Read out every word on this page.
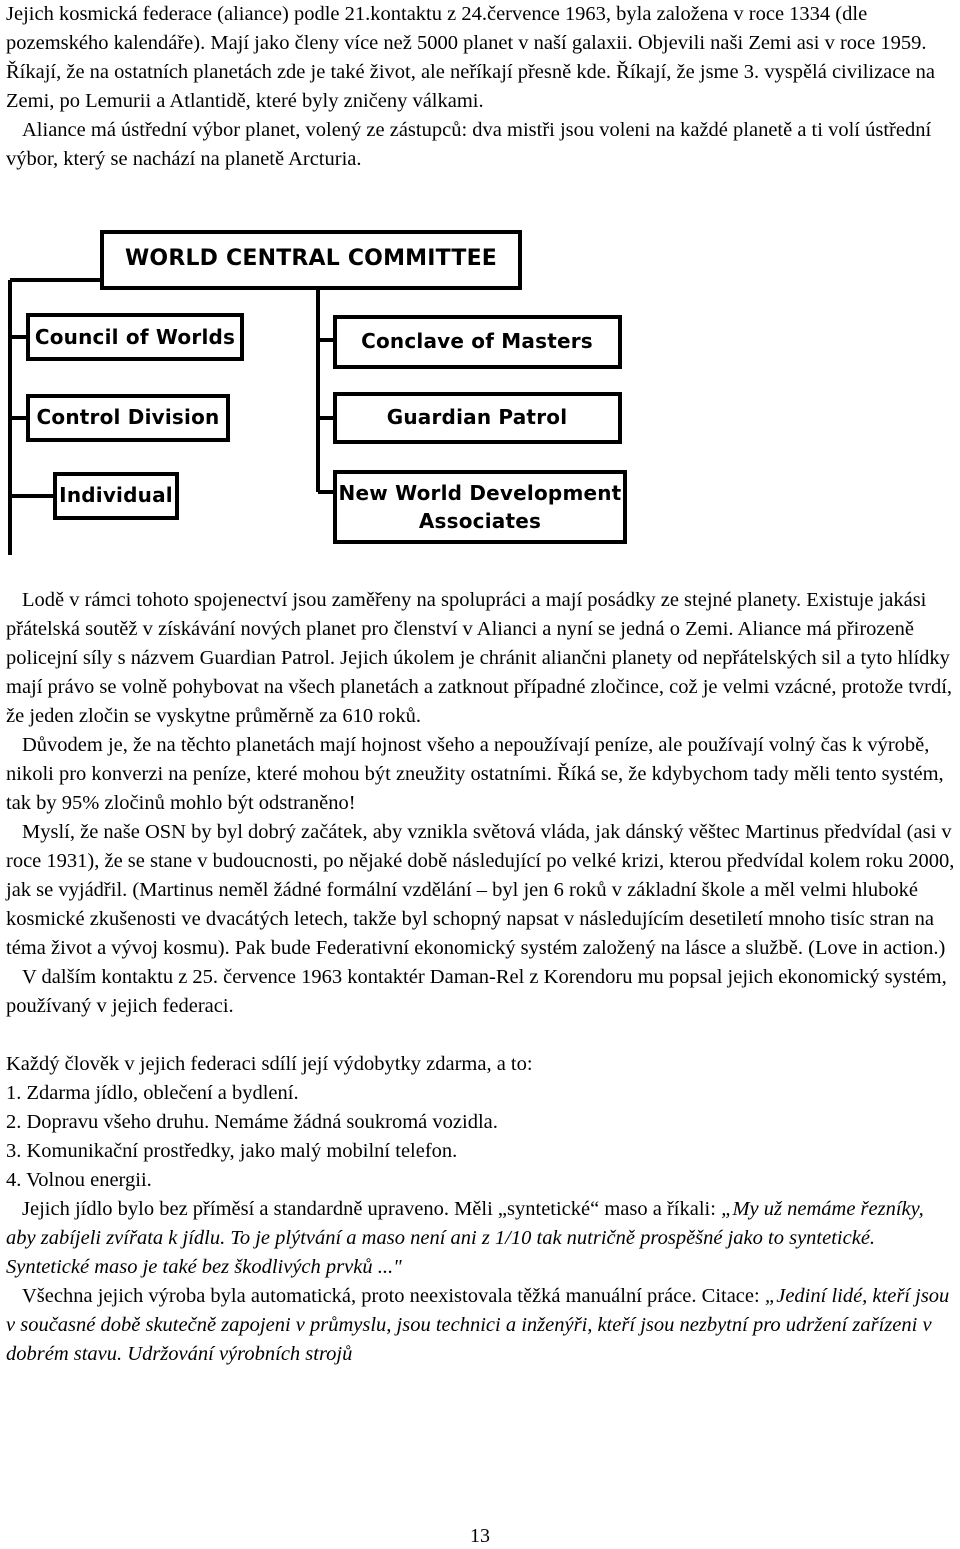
Jejich kosmická federace (aliance) podle 21.kontaktu z 24.července 1963, byla založena v roce 1334 (dle pozemského kalendáře). Mají jako členy více než 5000 planet v naší galaxii. Objevili naši Zemi asi v roce 1959. Říkají, že na ostatních planetách zde je také život, ale neříkají přesně kde. Říkají, že jsme 3. vyspělá civilizace na Zemi, po Lemurii a Atlantidě, které byly zničeny válkami.

Aliance má ústřední výbor planet, volený ze zástupců: dva mistři jsou voleni na každé planetě a ti volí ústřední výbor, který se nachází na planetě Arcturia.

WORLD CENTRAL COMMITTEE
Council of Worlds
Control Division
Individual
Conclave of Masters
Guardian Patrol
New World Development
Associates

Lodě v rámci tohoto spojenectví jsou zaměřeny na spolupráci a mají posádky ze stejné planety. Existuje jakási přátelská soutěž v získávání nových planet pro členství v Alianci a nyní se jedná o Zemi. Aliance má přirozeně policejní síly s názvem Guardian Patrol. Jejich úkolem je chránit aliančni planety od nepřátelských sil a tyto hlídky mají právo se volně pohybovat na všech planetách a zatknout případné zločince, což je velmi vzácné, protože tvrdí, že jeden zločin se vyskytne průměrně za 610 roků.

Důvodem je, že na těchto planetách mají hojnost všeho a nepoužívají peníze, ale používají volný čas k výrobě, nikoli pro konverzi na peníze, které mohou být zneužity ostatními. Říká se, že kdybychom tady měli tento systém, tak by 95% zločinů mohlo být odstraněno!

Myslí, že naše OSN by byl dobrý začátek, aby vznikla světová vláda, jak dánský věštec Martinus předvídal (asi v roce 1931), že se stane v budoucnosti, po nějaké době následující po velké krizi, kterou předvídal kolem roku 2000, jak se vyjádřil. (Martinus neměl žádné formální vzdělání – byl jen 6 roků v základní škole a měl velmi hluboké kosmické zkušenosti ve dvacátých letech, takže byl schopný napsat v následujícím desetiletí mnoho tisíc stran na téma život a vývoj kosmu). Pak bude Federativní ekonomický systém založený na lásce a službě. (Love in action.)

V dalším kontaktu z 25. července 1963 kontaktér Daman-Rel z Korendoru mu popsal jejich ekonomický systém, používaný v jejich federaci.

Každý člověk v jejich federaci sdílí její výdobytky zdarma, a to:

1. Zdarma jídlo, oblečení a bydlení.

2. Dopravu všeho druhu. Nemáme žádná soukromá vozidla.

3. Komunikační prostředky, jako malý mobilní telefon.

4. Volnou energii.

Jejich jídlo bylo bez příměsí a standardně upraveno. Měli „syntetické“ maso a říkali: „My už nemáme řezníky, aby zabíjeli zvířata k jídlu. To je plýtvání a maso není ani z 1/10 tak nutričně prospěšné jako to syntetické. Syntetické maso je také bez škodlivých prvků ..."

Všechna jejich výroba byla automatická, proto neexistovala těžká manuální práce. Citace: „Jediní lidé, kteří jsou v současné době skutečně zapojeni v průmyslu, jsou technici a inženýři, kteří jsou nezbytní pro udržení zařízeni v dobrém stavu. Udržování výrobních strojů

13
